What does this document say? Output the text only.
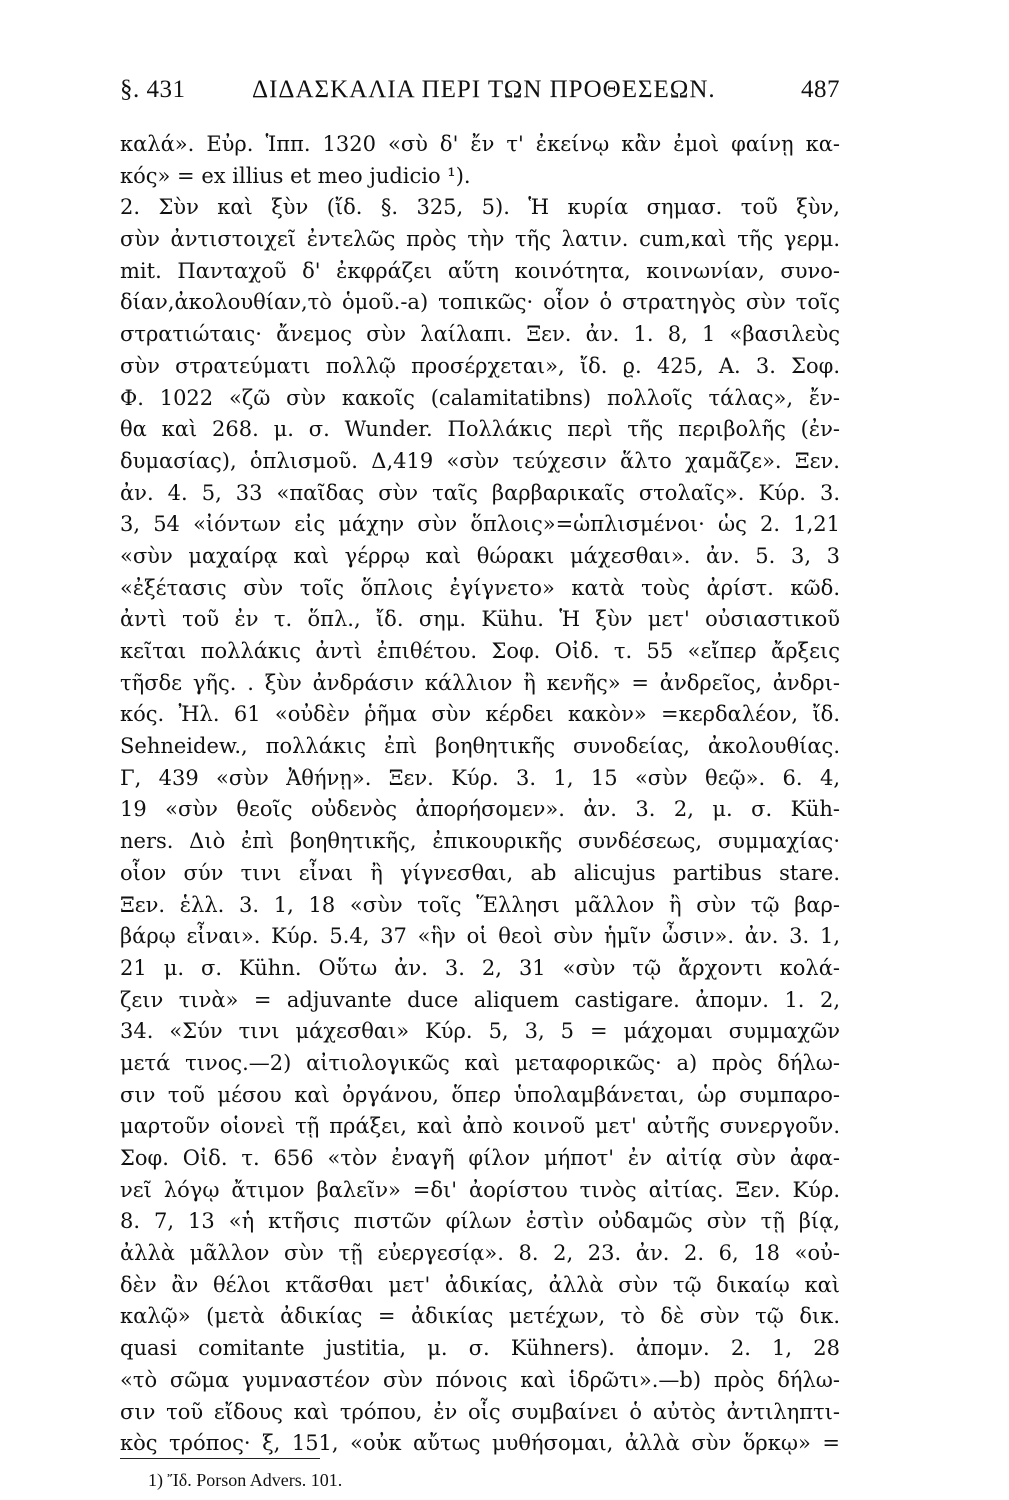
§. 431	ΔΙΔΑΣΚΑΛΙΑ ΠΕΡΙ ΤΩΝ ΠΡΟΘΕΣΕΩΝ.	487
καλά». Εὐρ. Ἱππ. 1320 «σὺ δ' ἔν τ' ἐκείνῳ κἂν ἐμοὶ φαίνῃ κα-
κός» = ex illius et meo judicio ¹).
2. Σὺν καὶ ξὺν (ἴδ. §. 325, 5). Ἡ κυρία σημασ. τοῦ ξὺν,
σὺν ἀντιστοιχεῖ ἐντελῶς πρὸς τὴν τῆς λατιν. cum,καὶ τῆς γερμ.
mit. Πανταχοῦ δ' ἐκφράζει αὕτη κοινότητα, κοινωνίαν, συνο-
δίαν,ἀκολουθίαν,τὸ ὁμοῦ.-a) τοπικῶς· οἷον ὁ στρατηγὸς σὺν τοῖς
στρατιώταις· ἄνεμος σὺν λαίλαπι. Ξεν. ἀν. 1. 8, 1 «βασιλεὺς
σὺν στρατεύματι πολλῷ προσέρχεται», ἴδ. ϱ. 425, Α. 3. Σοφ.
Φ. 1022 «ζῶ σὺν κακοῖς (calamitatibns) πολλοῖς τάλας», ἔν-
θα καὶ 268. μ. σ. Wunder. Πολλάκις περὶ τῆς περιβολῆς (ἐν-
δυμασίας), ὁπλισμοῦ. Δ,419 «σὺν τεύχεσιν ἅλτο χαμᾶζε». Ξεν.
ἀν. 4. 5, 33 «παῖδας σὺν ταῖς βαρβαρικαῖς στολαῖς». Κύρ. 3.
3, 54 «ἰόντων εἰς μάχην σὺν ὅπλοις»=ὡπλισμένοι· ὡς 2. 1,21
«σὺν μαχαίρᾳ καὶ γέρρῳ καὶ θώρακι μάχεσθαι». ἀν. 5. 3, 3
«ἐξέτασις σὺν τοῖς ὅπλοις ἐγίγνετο» κατὰ τοὺς ἀρίστ. κῶδ.
ἀντὶ τοῦ ἐν τ. ὅπλ., ἴδ. σημ. Kühu. Ἡ ξὺν μετ' οὐσιαστικοῦ
κεῖται πολλάκις ἀντὶ ἐπιθέτου. Σοφ. Οἰδ. τ. 55 «εἴπερ ἄρξεις
τῆσδε γῆς. . ξὺν ἀνδράσιν κάλλιον ἢ κενῆς» = ἀνδρεῖος, ἀνδρι-
κός. Ἠλ. 61 «οὐδὲν ῥῆμα σὺν κέρδει κακὸν» =κερδαλέον, ἴδ.
Sehneidew., πολλάκις ἐπὶ βοηθητικῆς συνοδείας, ἀκολουθίας.
Γ, 439 «σὺν Ἀθήνῃ». Ξεν. Κύρ. 3. 1, 15 «σὺν θεῷ». 6. 4,
19 «σὺν θεοῖς οὐδενὸς ἀπορήσομεν». ἀν. 3. 2, μ. σ. Küh-
ners. Διὸ ἐπὶ βοηθητικῆς, ἐπικουρικῆς συνδέσεως, συμμαχίας·
οἷον σύν τινι εἶναι ἢ γίγνεσθαι, ab alicujus partibus stare.
Ξεν. ἑλλ. 3. 1, 18 «σὺν τοῖς Ἕλλησι μᾶλλον ἢ σὺν τῷ βαρ-
βάρῳ εἶναι». Κύρ. 5.4, 37 «ἣν οἱ θεοὶ σὺν ἡμῖν ὦσιν». ἀν. 3. 1,
21 μ. σ. Kühn. Οὕτω ἀν. 3. 2, 31 «σὺν τῷ ἄρχοντι κολά-
ζειν τινὰ» = adjuvante duce aliquem castigare. ἀπομν. 1. 2,
34. «Σύν τινι μάχεσθαι» Κύρ. 5, 3, 5 = μάχομαι συμμαχῶν
μετά τινος.—2) αἰτιολογικῶς καὶ μεταφορικῶς· a) πρὸς δήλω-
σιν τοῦ μέσου καὶ ὀργάνου, ὅπερ ὑπολαμβάνεται, ὡρ συμπαρο-
μαρτοῦν οἱονεὶ τῇ πράξει, καὶ ἀπὸ κοινοῦ μετ' αὐτῆς συνεργοῦν.
Σοφ. Οἰδ. τ. 656 «τὸν ἐναγῆ φίλον μήποτ' ἐν αἰτίᾳ σὺν ἀφα-
νεῖ λόγῳ ἄτιμον βαλεῖν» =δι' ἀορίστου τινὸς αἰτίας. Ξεν. Κύρ.
8. 7, 13 «ἡ κτῆσις πιστῶν φίλων ἐστὶν οὐδαμῶς σὺν τῇ βίᾳ,
ἀλλὰ μᾶλλον σὺν τῇ εὐεργεσίᾳ». 8. 2, 23. ἀν. 2. 6, 18 «οὐ-
δὲν ἂν θέλοι κτᾶσθαι μετ' ἀδικίας, ἀλλὰ σὺν τῷ δικαίῳ καὶ
καλῷ» (μετὰ ἀδικίας = ἀδικίας μετέχων, τὸ δὲ σὺν τῷ δικ.
quasi comitante justitia, μ. σ. Kühners). ἀπομν. 2. 1, 28
«τὸ σῶμα γυμναστέον σὺν πόνοις καὶ ἱδρῶτι».—b) πρὸς δήλω-
σιν τοῦ εἴδους καὶ τρόπου, ἐν οἷς συμβαίνει ὁ αὐτὸς ἀντιληπτι-
κὸς τρόπος· ξ, 151, «οὐκ αὔτως μυθήσομαι, ἀλλὰ σὺν ὅρκῳ» =
1) Ἴδ. Porson Advers. 101.
